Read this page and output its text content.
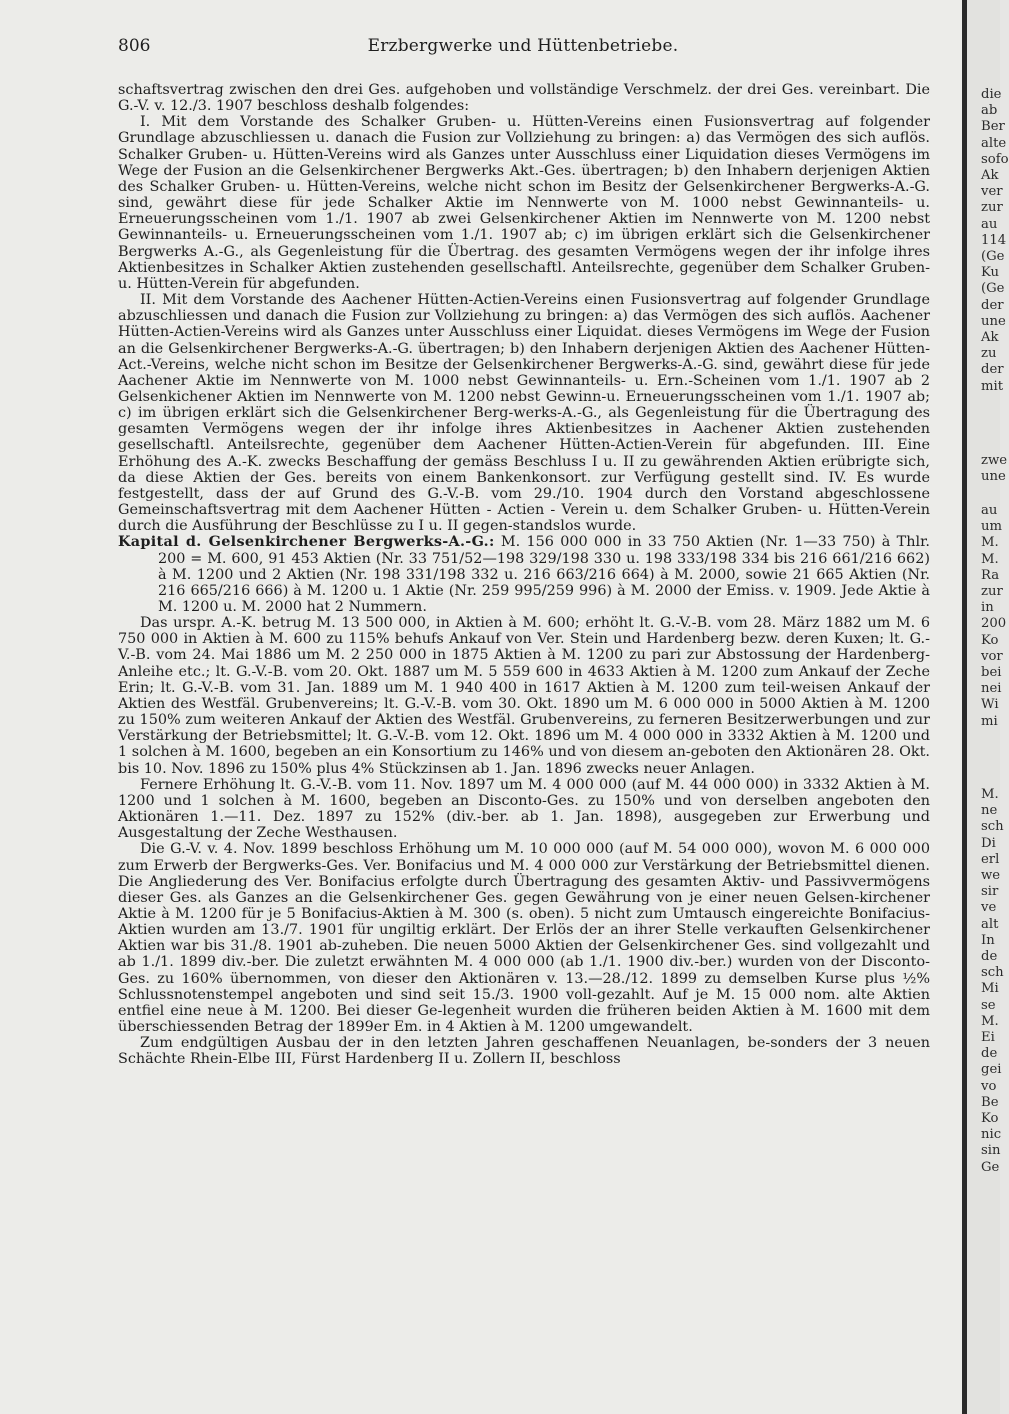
806	Erzbergwerke und Hüttenbetriebe.

schaftsvertrag zwischen den drei Ges. aufgehoben und vollständige Verschmelz. der drei Ges. vereinbart. Die G.-V. v. 12./3. 1907 beschloss deshalb folgendes:

I. Mit dem Vorstande des Schalker Gruben- u. Hütten-Vereins einen Fusionsvertrag auf folgender Grundlage abzuschliessen u. danach die Fusion zur Vollziehung zu bringen: a) das Vermögen des sich auflös. Schalker Gruben- u. Hütten-Vereins wird als Ganzes unter Ausschluss einer Liquidation dieses Vermögens im Wege der Fusion an die Gelsenkirchener Bergwerks Akt.-Ges. übertragen; b) den Inhabern derjenigen Aktien des Schalker Gruben- u. Hütten-Vereins, welche nicht schon im Besitz der Gelsenkirchener Bergwerks-A.-G. sind, gewährt diese für jede Schalker Aktie im Nennwerte von M. 1000 nebst Gewinnanteils- u. Erneuerungsscheinen vom 1./1. 1907 ab zwei Gelsenkirchener Aktien im Nennwerte von M. 1200 nebst Gewinnanteils- u. Erneuerungsscheinen vom 1./1. 1907 ab; c) im übrigen erklärt sich die Gelsenkirchener Bergwerks A.-G., als Gegenleistung für die Übertrag. des gesamten Vermögens wegen der ihr infolge ihres Aktienbesitzes in Schalker Aktien zustehenden gesellschaftl. Anteilsrechte, gegenüber dem Schalker Gruben- u. Hütten-Verein für abgefunden.

II. Mit dem Vorstande des Aachener Hütten-Actien-Vereins einen Fusionsvertrag auf folgender Grundlage abzuschliessen und danach die Fusion zur Vollziehung zu bringen: a) das Vermögen des sich auflös. Aachener Hütten-Actien-Vereins wird als Ganzes unter Ausschluss einer Liquidat. dieses Vermögens im Wege der Fusion an die Gelsenkirchener Bergwerks-A.-G. übertragen; b) den Inhabern derjenigen Aktien des Aachener Hütten-Act.-Vereins, welche nicht schon im Besitze der Gelsenkirchener Bergwerks-A.-G. sind, gewährt diese für jede Aachener Aktie im Nennwerte von M. 1000 nebst Gewinnanteils- u. Ern.-Scheinen vom 1./1. 1907 ab 2 Gelsenkichener Aktien im Nennwerte von M. 1200 nebst Gewinn-u. Erneuerungsscheinen vom 1./1. 1907 ab; c) im übrigen erklärt sich die Gelsenkirchener Berg-werks-A.-G., als Gegenleistung für die Übertragung des gesamten Vermögens wegen der ihr infolge ihres Aktienbesitzes in Aachener Aktien zustehenden gesellschaftl. Anteilsrechte, gegenüber dem Aachener Hütten-Actien-Verein für abgefunden. III. Eine Erhöhung des A.-K. zwecks Beschaffung der gemäss Beschluss I u. II zu gewährenden Aktien erübrigte sich, da diese Aktien der Ges. bereits von einem Bankenkonsort. zur Verfügung gestellt sind. IV. Es wurde festgestellt, dass der auf Grund des G.-V.-B. vom 29./10. 1904 durch den Vorstand abgeschlossene Gemeinschaftsvertrag mit dem Aachener Hütten - Actien - Verein u. dem Schalker Gruben- u. Hütten-Verein durch die Ausführung der Beschlüsse zu I u. II gegen-standslos wurde.

Kapital d. Gelsenkirchener Bergwerks-A.-G.: M. 156 000 000 in 33 750 Aktien (Nr. 1—33 750) à Thlr. 200 = M. 600, 91 453 Aktien (Nr. 33 751/52—198 329/198 330 u. 198 333/198 334 bis 216 661/216 662) à M. 1200 und 2 Aktien (Nr. 198 331/198 332 u. 216 663/216 664) à M. 2000, sowie 21 665 Aktien (Nr. 216 665/216 666) à M. 1200 u. 1 Aktie (Nr. 259 995/259 996) à M. 2000 der Emiss. v. 1909. Jede Aktie à M. 1200 u. M. 2000 hat 2 Nummern.

Das urspr. A.-K. betrug M. 13 500 000, in Aktien à M. 600; erhöht lt. G.-V.-B. vom 28. März 1882 um M. 6 750 000 in Aktien à M. 600 zu 115% behufs Ankauf von Ver. Stein und Hardenberg bezw. deren Kuxen; lt. G.-V.-B. vom 24. Mai 1886 um M. 2 250 000 in 1875 Aktien à M. 1200 zu pari zur Abstossung der Hardenberg-Anleihe etc.; lt. G.-V.-B. vom 20. Okt. 1887 um M. 5 559 600 in 4633 Aktien à M. 1200 zum Ankauf der Zeche Erin; lt. G.-V.-B. vom 31. Jan. 1889 um M. 1 940 400 in 1617 Aktien à M. 1200 zum teil-weisen Ankauf der Aktien des Westfäl. Grubenvereins; lt. G.-V.-B. vom 30. Okt. 1890 um M. 6 000 000 in 5000 Aktien à M. 1200 zu 150% zum weiteren Ankauf der Aktien des Westfäl. Grubenvereins, zu ferneren Besitzerwerbungen und zur Verstärkung der Betriebsmittel; lt. G.-V.-B. vom 12. Okt. 1896 um M. 4 000 000 in 3332 Aktien à M. 1200 und 1 solchen à M. 1600, begeben an ein Konsortium zu 146% und von diesem an-geboten den Aktionären 28. Okt. bis 10. Nov. 1896 zu 150% plus 4% Stückzinsen ab 1. Jan. 1896 zwecks neuer Anlagen.

Fernere Erhöhung lt. G.-V.-B. vom 11. Nov. 1897 um M. 4 000 000 (auf M. 44 000 000) in 3332 Aktien à M. 1200 und 1 solchen à M. 1600, begeben an Disconto-Ges. zu 150% und von derselben angeboten den Aktionären 1.—11. Dez. 1897 zu 152% (div.-ber. ab 1. Jan. 1898), ausgegeben zur Erwerbung und Ausgestaltung der Zeche Westhausen.

Die G.-V. v. 4. Nov. 1899 beschloss Erhöhung um M. 10 000 000 (auf M. 54 000 000), wovon M. 6 000 000 zum Erwerb der Bergwerks-Ges. Ver. Bonifacius und M. 4 000 000 zur Verstärkung der Betriebsmittel dienen. Die Angliederung des Ver. Bonifacius erfolgte durch Übertragung des gesamten Aktiv- und Passivvermögens dieser Ges. als Ganzes an die Gelsenkirchener Ges. gegen Gewährung von je einer neuen Gelsen-kirchener Aktie à M. 1200 für je 5 Bonifacius-Aktien à M. 300 (s. oben). 5 nicht zum Umtausch eingereichte Bonifacius-Aktien wurden am 13./7. 1901 für ungiltig erklärt. Der Erlös der an ihrer Stelle verkauften Gelsenkirchener Aktien war bis 31./8. 1901 ab-zuheben. Die neuen 5000 Aktien der Gelsenkirchener Ges. sind vollgezahlt und ab 1./1. 1899 div.-ber. Die zuletzt erwähnten M. 4 000 000 (ab 1./1. 1900 div.-ber.) wurden von der Disconto-Ges. zu 160% übernommen, von dieser den Aktionären v. 13.—28./12. 1899 zu demselben Kurse plus ½% Schlussnotenstempel angeboten und sind seit 15./3. 1900 voll-gezahlt. Auf je M. 15 000 nom. alte Aktien entfiel eine neue à M. 1200. Bei dieser Ge-legenheit wurden die früheren beiden Aktien à M. 1600 mit dem überschiessenden Betrag der 1899er Em. in 4 Aktien à M. 1200 umgewandelt.

Zum endgültigen Ausbau der in den letzten Jahren geschaffenen Neuanlagen, be-sonders der 3 neuen Schächte Rhein-Elbe III, Fürst Hardenberg II u. Zollern II, beschloss

die
ab
Ber
alte
sofo
Ak
ver
zur
au
114
(Ge
Ku
(Ge
der
une
Ak
zu
der
mit
zwe
une
au
um
M.
M.
Ra
zur
in
200
Ko
vor
bei
nei
Wi
mi
M.
ne
sch
Di
erl
we
sir
ve
alt
In
de
sch
Mi
se
M.
Ei
de
gei
vo
Be
Ko
nic
sin
Ge
